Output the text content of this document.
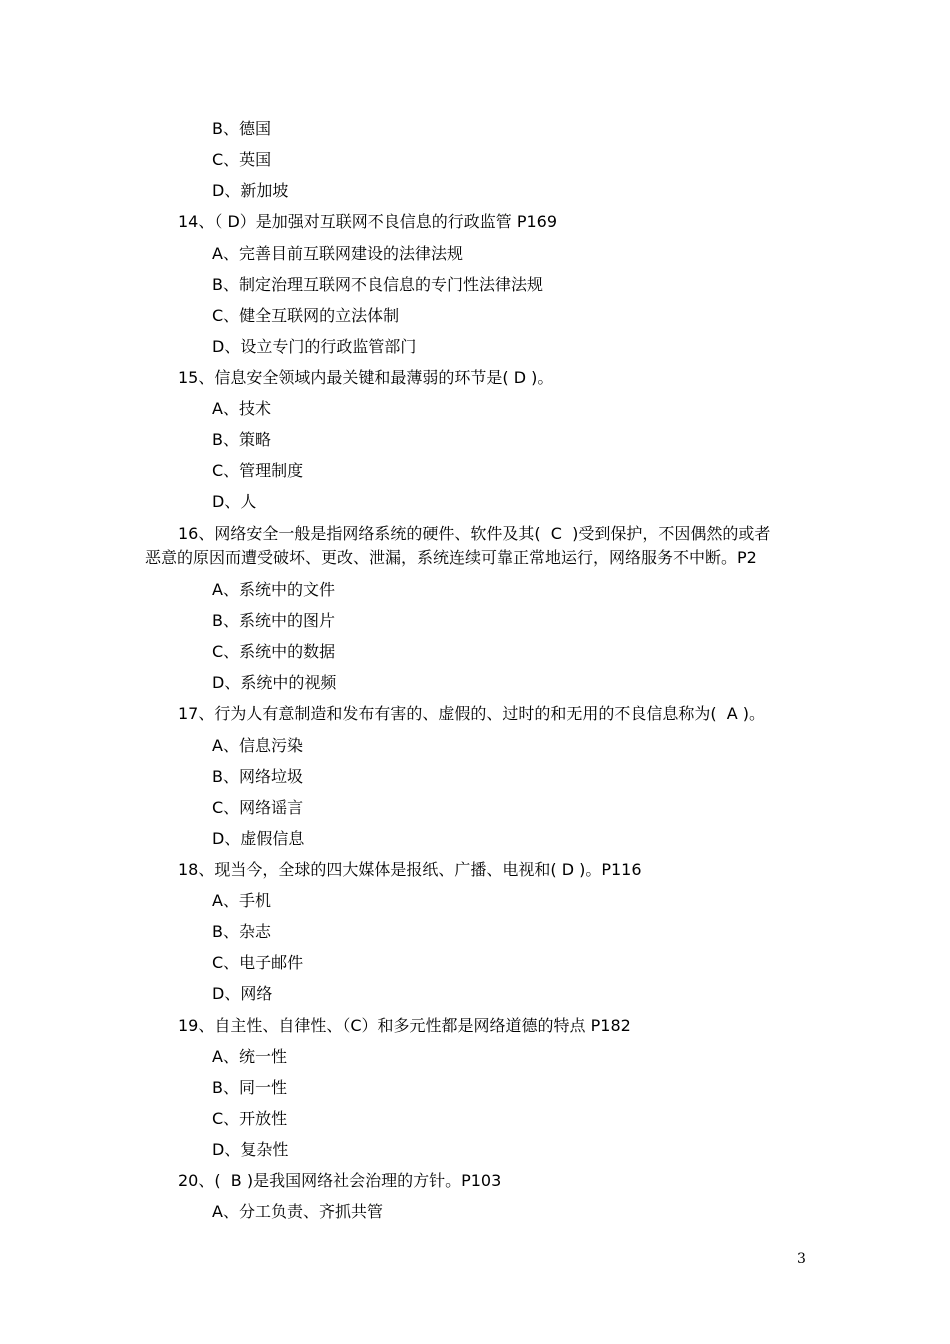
B、德国
C、英国
D、新加坡
14、（ D）是加强对互联网不良信息的行政监管 P169
A、完善目前互联网建设的法律法规
B、制定治理互联网不良信息的专门性法律法规
C、健全互联网的立法体制
D、设立专门的行政监管部门
15、信息安全领域内最关键和最薄弱的环节是( D )。
A、技术
B、策略
C、管理制度
D、人
16、网络安全一般是指网络系统的硬件、软件及其(  C  )受到保护，不因偶然的或者
恶意的原因而遭受破坏、更改、泄漏，系统连续可靠正常地运行，网络服务不中断。P2
A、系统中的文件
B、系统中的图片
C、系统中的数据
D、系统中的视频
17、行为人有意制造和发布有害的、虚假的、过时的和无用的不良信息称为(  A )。
A、信息污染
B、网络垃圾
C、网络谣言
D、虚假信息
18、现当今，全球的四大媒体是报纸、广播、电视和( D )。P116
A、手机
B、杂志
C、电子邮件
D、网络
19、自主性、自律性、（C）和多元性都是网络道德的特点 P182
A、统一性
B、同一性
C、开放性
D、复杂性
20、(  B )是我国网络社会治理的方针。P103
A、分工负责、齐抓共管
3
